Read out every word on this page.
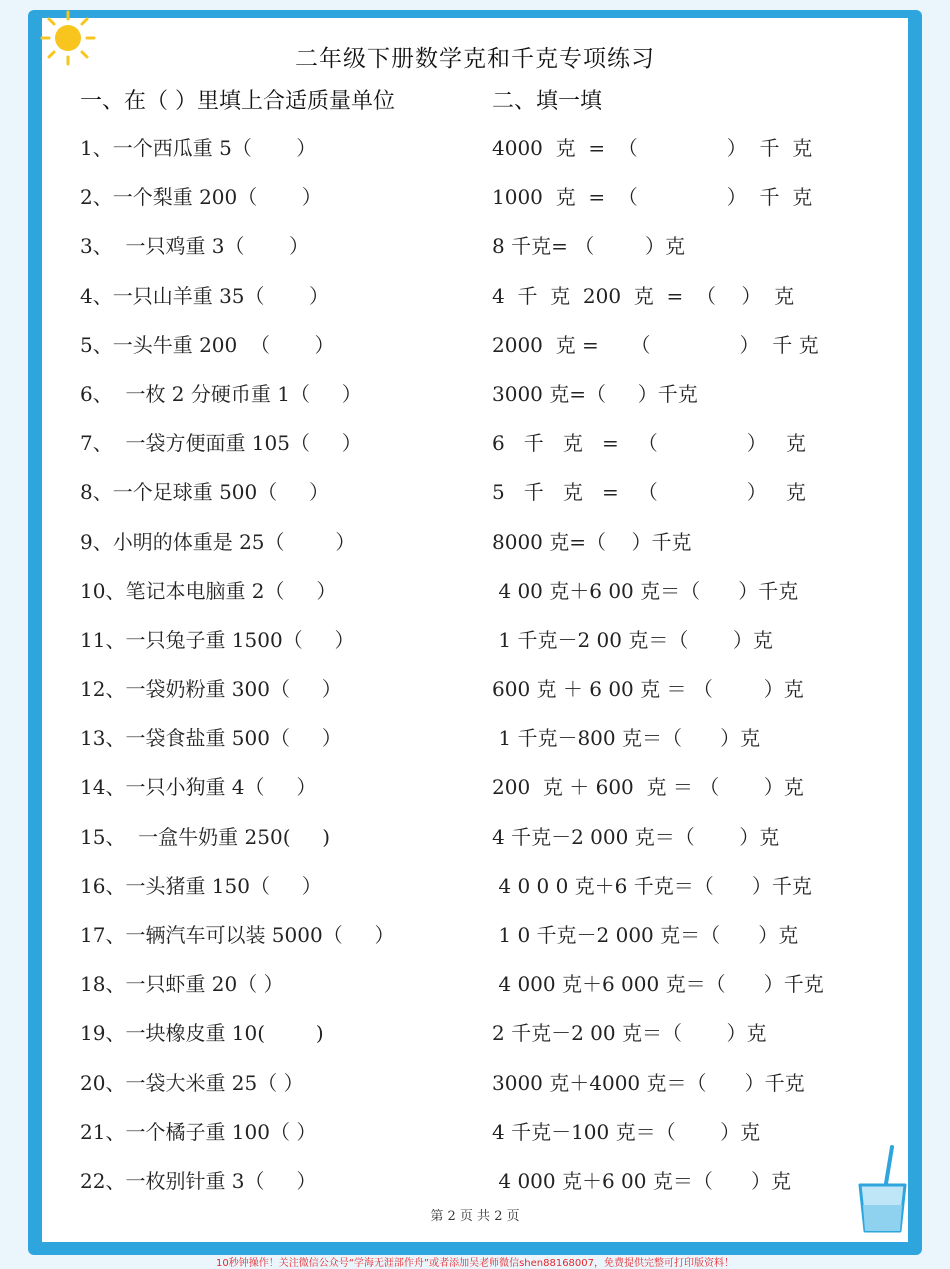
二年级下册数学克和千克专项练习
一、在（ ）里填上合适质量单位	二、填一填
1、一个西瓜重 5（       ）	4000  克  =  （              ）  千  克
2、一个梨重 200（       ）	1000  克  =  （              ）  千  克
3、  一只鸡重 3（       ）	8 千克= （        ）克
4、一只山羊重 35（       ）	4  千  克  200  克  =  （    ）  克
5、一头牛重 200  （       ）	2000  克 =     （              ）  千 克
6、  一枚 2 分硬币重 1（     ）	3000 克=（     ）千克
7、  一袋方便面重 105（     ）	6   千   克   =   （              ）   克
8、一个足球重 500（     ）	5   千   克   =   （              ）   克
9、小明的体重是 25（        ）	8000 克=（    ）千克
10、笔记本电脑重 2（     ）	4 00 克＋6 00 克＝（      ）千克
11、一只兔子重 1500（     ）	1 千克－2 00 克＝（       ）克
12、一袋奶粉重 300（     ）	600 克 ＋ 6 00 克 ＝ （        ）克
13、一袋食盐重 500（     ）	1 千克－800 克＝（      ）克
14、一只小狗重 4（     ）	200  克 ＋ 600  克 ＝ （       ）克
15、  一盒牛奶重 250(     )	4 千克－2 000 克＝（       ）克
16、一头猪重 150（     ）	4 0 0 0 克＋6 千克＝（      ）千克
17、一辆汽车可以装 5000（     ）	1 0 千克－2 000 克＝（      ）克
18、一只虾重 20（ ）	4 000 克＋6 000 克＝（      ）千克
19、一块橡皮重 10(        )	2 千克－2 00 克＝（       ）克
20、一袋大米重 25（ ）	3000 克＋4000 克＝（      ）千克
21、一个橘子重 100（ ）	4 千克－100 克＝（       ）克
22、一枚别针重 3（     ）	4 000 克＋6 00 克＝（      ）克
第 2 页 共 2 页
10秒钟操作！关注微信公众号“学海无涯部作舟”或者添加吴老师微信shen88168007，免费提供完整可打印版资料！
